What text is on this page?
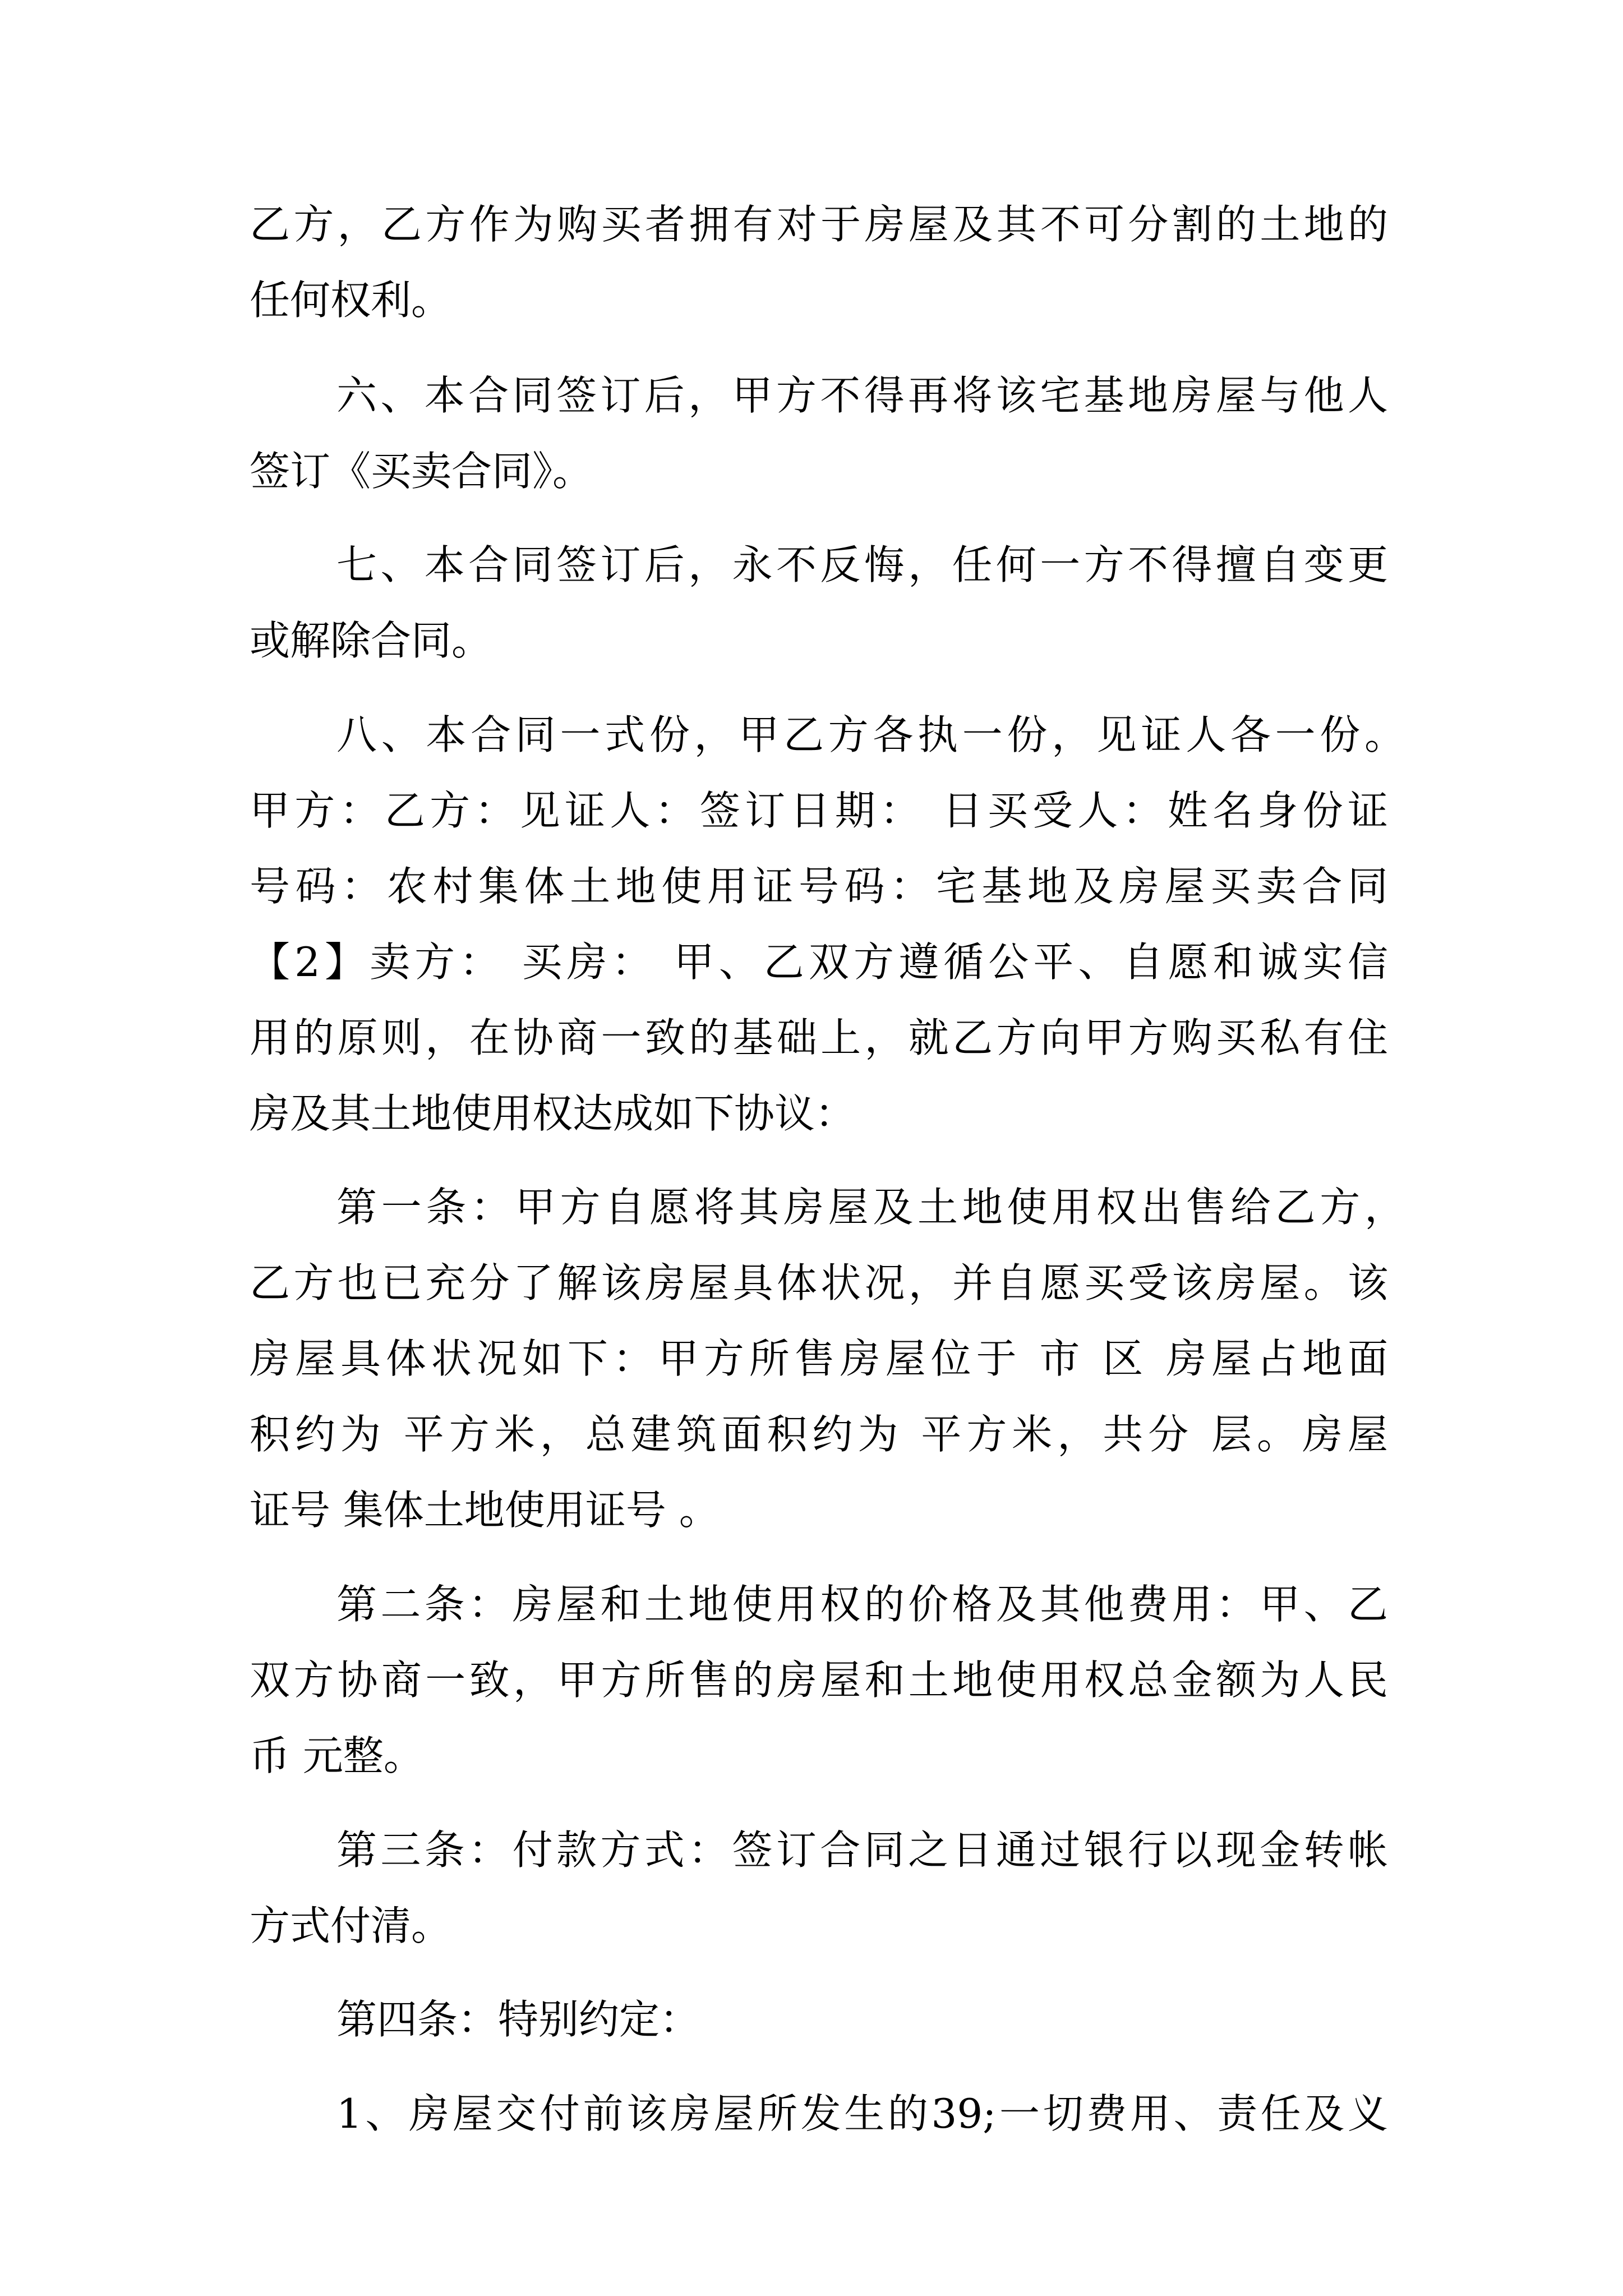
乙方，乙方作为购买者拥有对于房屋及其不可分割的土地的
任何权利。
六、本合同签订后，甲方不得再将该宅基地房屋与他人
签订《买卖合同》。
七、本合同签订后，永不反悔，任何一方不得擅自变更
或解除合同。
八、本合同一式份，甲乙方各执一份，见证人各一份。
甲方：乙方：见证人：签订日期： 日买受人：姓名身份证
号码：农村集体土地使用证号码：宅基地及房屋买卖合同
【2】卖方： 买房： 甲、乙双方遵循公平、自愿和诚实信
用的原则，在协商一致的基础上，就乙方向甲方购买私有住
房及其土地使用权达成如下协议：
第一条：甲方自愿将其房屋及土地使用权出售给乙方，
乙方也已充分了解该房屋具体状况，并自愿买受该房屋。该
房屋具体状况如下：甲方所售房屋位于 市 区 房屋占地面
积约为 平方米，总建筑面积约为 平方米，共分 层。房屋
证号 集体土地使用证号 。
第二条：房屋和土地使用权的价格及其他费用：甲、乙
双方协商一致，甲方所售的房屋和土地使用权总金额为人民
币 元整。
第三条：付款方式：签订合同之日通过银行以现金转帐
方式付清。
第四条：特别约定：
1、房屋交付前该房屋所发生的39;一切费用、责任及义
